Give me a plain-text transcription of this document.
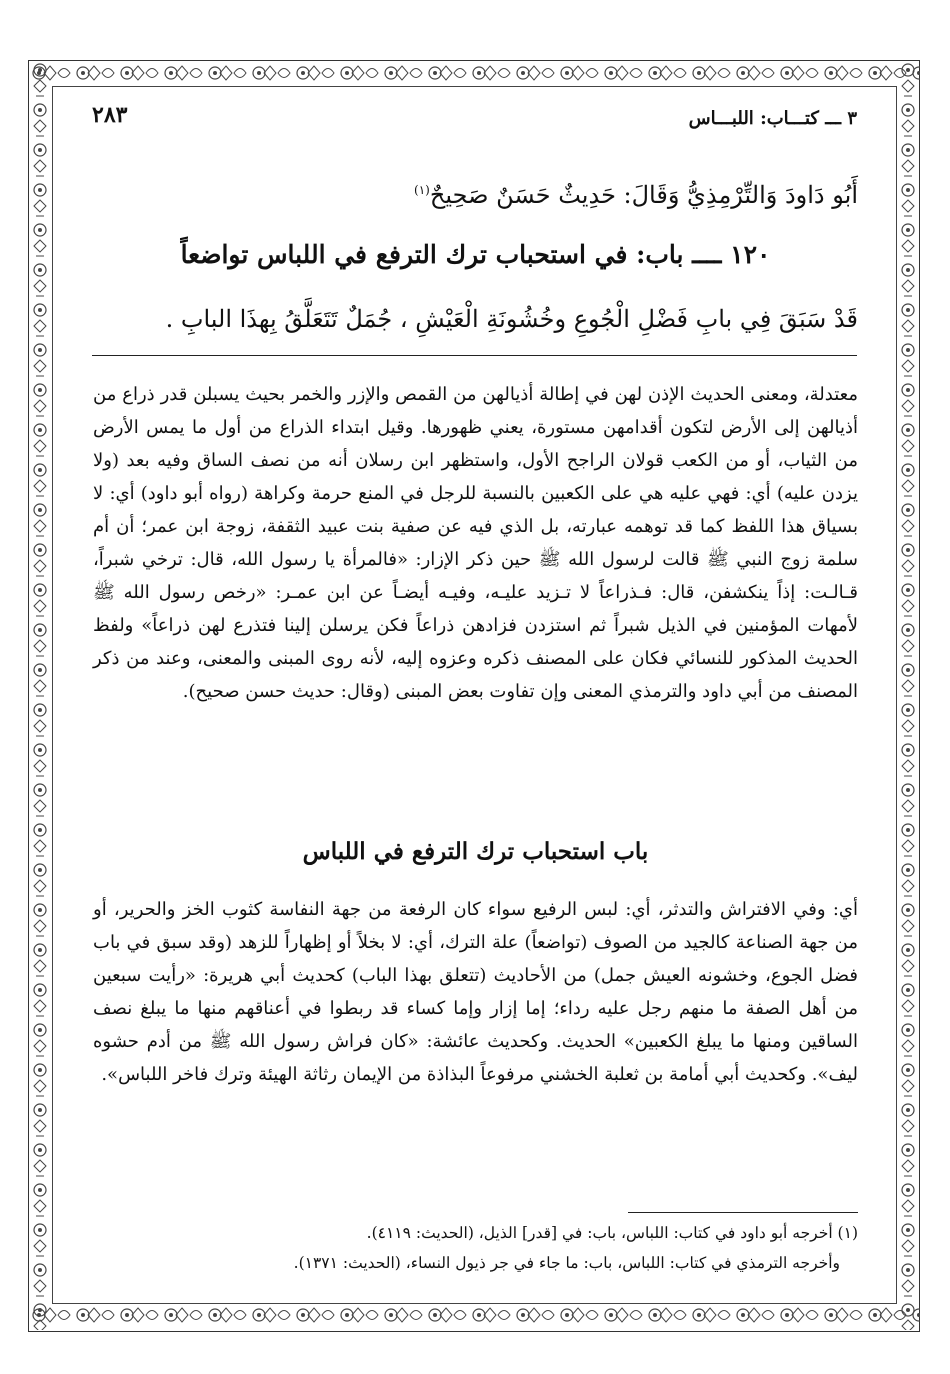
٣ ـــ كتـــاب: اللبـــاس
٢٨٣
أَبُو دَاودَ وَالتِّرْمِذِيُّ وَقَالَ: حَدِيثٌ حَسَنٌ صَحِيحٌ$^{(١)}$
١٢٠ ــــ باب: في استحباب ترك الترفع في اللباس تواضعاً
قَدْ سَبَقَ فِي بابِ فَضْلِ الْجُوعِ وخُشُونَةِ الْعَيْشِ ، جُمَلٌ تَتَعَلَّقُ بِهذَا البابِ .
معتدلة، ومعنى الحديث الإذن لهن في إطالة أذيالهن من القمص والإزر والخمر بحيث يسبلن قدر ذراع من أذيالهن إلى الأرض لتكون أقدامهن مستورة، يعني ظهورها. وقيل ابتداء الذراع من أول ما يمس الأرض من الثياب، أو من الكعب قولان الراجح الأول، واستظهر ابن رسلان أنه من نصف الساق وفيه بعد (ولا يزدن عليه) أي: فهي عليه هي على الكعبين بالنسبة للرجل في المنع حرمة وكراهة (رواه أبو داود) أي: لا بسياق هذا اللفظ كما قد توهمه عبارته، بل الذي فيه عن صفية بنت عبيد الثقفة، زوجة ابن عمر؛ أن أم سلمة زوج النبي ﷺ قالت لرسول الله ﷺ حين ذكر الإزار: «فالمرأة يا رسول الله، قال: ترخي شبراً، قـالـت: إذاً ينكشفن، قال: فـذراعاً لا تـزيد عليـه، وفيـه أيضـاً عن ابن عمـر: «رخص رسول الله ﷺ لأمهات المؤمنين في الذيل شبراً ثم استزدن فزادهن ذراعاً فكن يرسلن إلينا فتذرع لهن ذراعاً» ولفظ الحديث المذكور للنسائي فكان على المصنف ذكره وعزوه إليه، لأنه روى المبنى والمعنى، وعند من ذكر المصنف من أبي داود والترمذي المعنى وإن تفاوت بعض المبنى (وقال: حديث حسن صحيح).
باب استحباب ترك الترفع في اللباس
أي: وفي الافتراش والتدثر، أي: لبس الرفيع سواء كان الرفعة من جهة النفاسة كثوب الخز والحرير، أو من جهة الصناعة كالجيد من الصوف (تواضعاً) علة الترك، أي: لا بخلاً أو إظهاراً للزهد (وقد سبق في باب فضل الجوع، وخشونه العيش جمل) من الأحاديث (تتعلق بهذا الباب) كحديث أبي هريرة: «رأيت سبعين من أهل الصفة ما منهم رجل عليه رداء؛ إما إزار وإما كساء قد ربطوا في أعناقهم منها ما يبلغ نصف الساقين ومنها ما يبلغ الكعبين» الحديث. وكحديث عائشة: «كان فراش رسول الله ﷺ من أدم حشوه ليف». وكحديث أبي أمامة بن ثعلبة الخشني مرفوعاً البذاذة من الإيمان رثاثة الهيئة وترك فاخر اللباس».
(١) أخرجه أبو داود في كتاب: اللباس، باب: في [قدر] الذيل، (الحديث: ٤١١٩).
وأخرجه الترمذي في كتاب: اللباس، باب: ما جاء في جر ذيول النساء، (الحديث: ١٣٧١).
